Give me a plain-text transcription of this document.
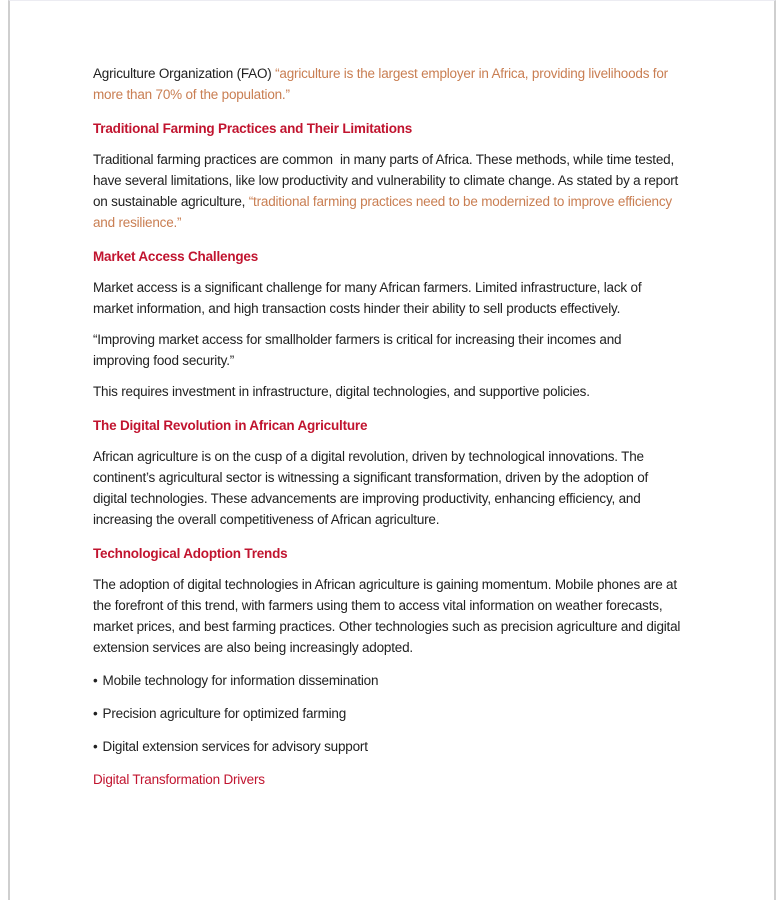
Agriculture Organization (FAO) “agriculture is the largest employer in Africa, providing livelihoods for more than 70% of the population.”

Traditional Farming Practices and Their Limitations

Traditional farming practices are common  in many parts of Africa. These methods, while time tested, have several limitations, like low productivity and vulnerability to climate change. As stated by a report on sustainable agriculture, “traditional farming practices need to be modernized to improve efficiency and resilience.”

Market Access Challenges

Market access is a significant challenge for many African farmers. Limited infrastructure, lack of market information, and high transaction costs hinder their ability to sell products effectively.

“Improving market access for smallholder farmers is critical for increasing their incomes and improving food security.”

This requires investment in infrastructure, digital technologies, and supportive policies.

The Digital Revolution in African Agriculture

African agriculture is on the cusp of a digital revolution, driven by technological innovations. The continent’s agricultural sector is witnessing a significant transformation, driven by the adoption of digital technologies. These advancements are improving productivity, enhancing efficiency, and increasing the overall competitiveness of African agriculture.

Technological Adoption Trends

The adoption of digital technologies in African agriculture is gaining momentum. Mobile phones are at the forefront of this trend, with farmers using them to access vital information on weather forecasts, market prices, and best farming practices. Other technologies such as precision agriculture and digital extension services are also being increasingly adopted.

• Mobile technology for information dissemination

• Precision agriculture for optimized farming

• Digital extension services for advisory support

Digital Transformation Drivers
